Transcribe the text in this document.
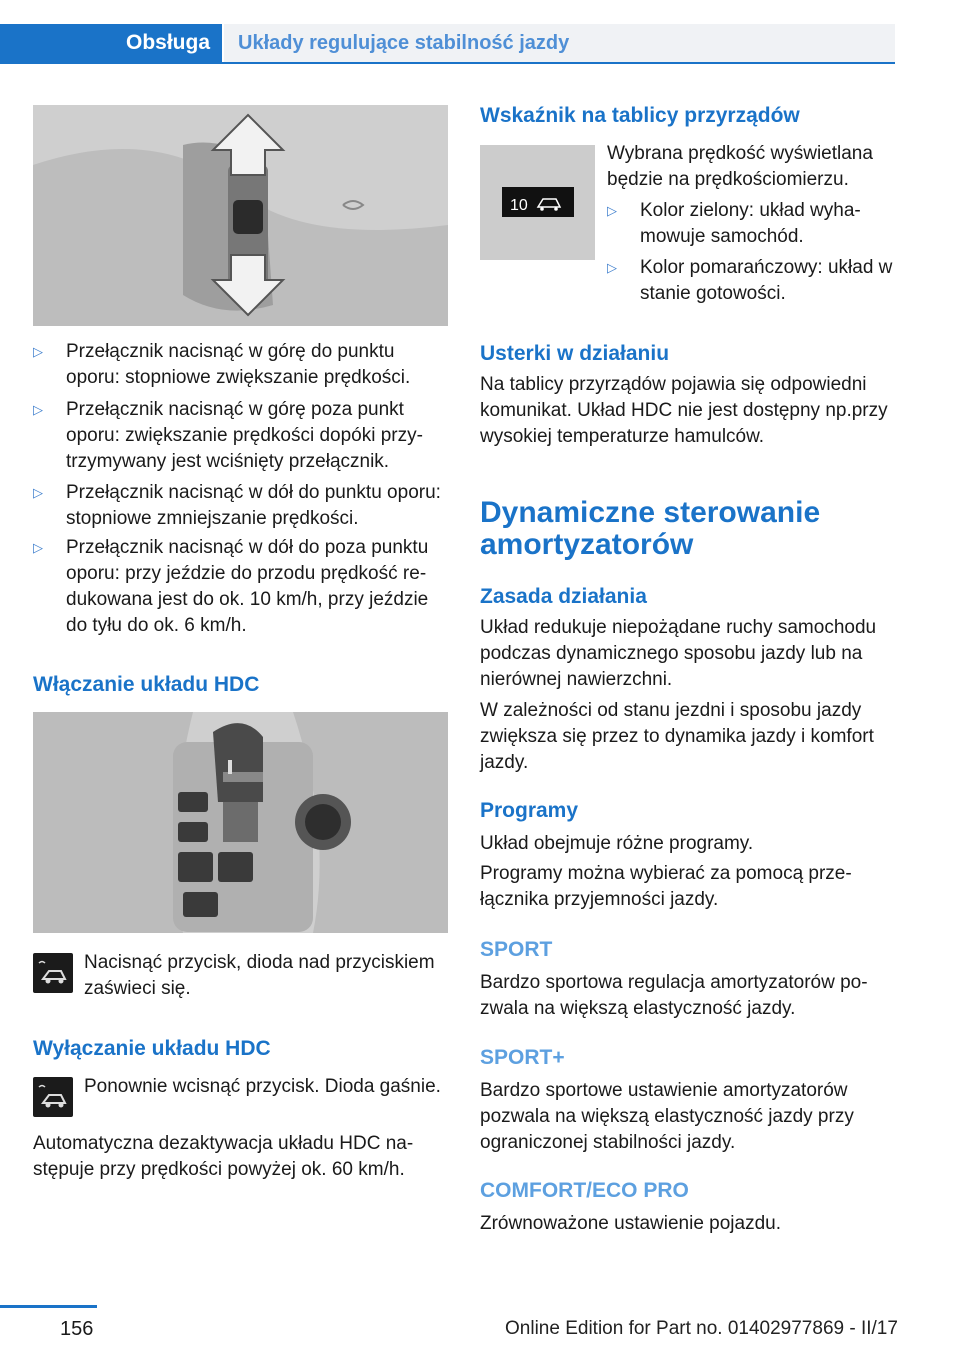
Obsługa	Układy regulujące stabilność jazdy
▷ Przełącznik nacisnąć w górę do punktu oporu: stopniowe zwiększanie prędkości.
▷ Przełącznik nacisnąć w górę poza punkt oporu: zwiększanie prędkości dopóki przytrzymywany jest wciśnięty przełącznik.
▷ Przełącznik nacisnąć w dół do punktu oporu: stopniowe zmniejszanie prędkości.
▷ Przełącznik nacisnąć w dół do poza punktu oporu: przy jeździe do przodu prędkość redukowana jest do ok. 10 km/h, przy jeździe do tyłu do ok. 6 km/h.
Włączanie układu HDC
Nacisnąć przycisk, dioda nad przyciskiem zaświeci się.
Wyłączanie układu HDC
Ponownie wcisnąć przycisk. Dioda gaśnie.
Automatyczna dezaktywacja układu HDC następuje przy prędkości powyżej ok. 60 km/h.
Wskaźnik na tablicy przyrządów
10
Wybrana prędkość wyświetlana będzie na prędkościomierzu.
▷ Kolor zielony: układ wyhamowuje samochód.
▷ Kolor pomarańczowy: układ w stanie gotowości.
Usterki w działaniu
Na tablicy przyrządów pojawia się odpowiedni komunikat. Układ HDC nie jest dostępny np.przy wysokiej temperaturze hamulców.
Dynamiczne sterowanie
amortyzatorów
Zasada działania
Układ redukuje niepożądane ruchy samochodu podczas dynamicznego sposobu jazdy lub na nierównej nawierzchni.
W zależności od stanu jezdni i sposobu jazdy zwiększa się przez to dynamika jazdy i komfort jazdy.
Programy
Układ obejmuje różne programy.
Programy można wybierać za pomocą przełącznika przyjemności jazdy.
SPORT
Bardzo sportowa regulacja amortyzatorów pozwala na większą elastyczność jazdy.
SPORT+
Bardzo sportowe ustawienie amortyzatorów pozwala na większą elastyczność jazdy przy ograniczonej stabilności jazdy.
COMFORT/ECO PRO
Zrównoważone ustawienie pojazdu.
156	Online Edition for Part no. 01402977869 - II/17
